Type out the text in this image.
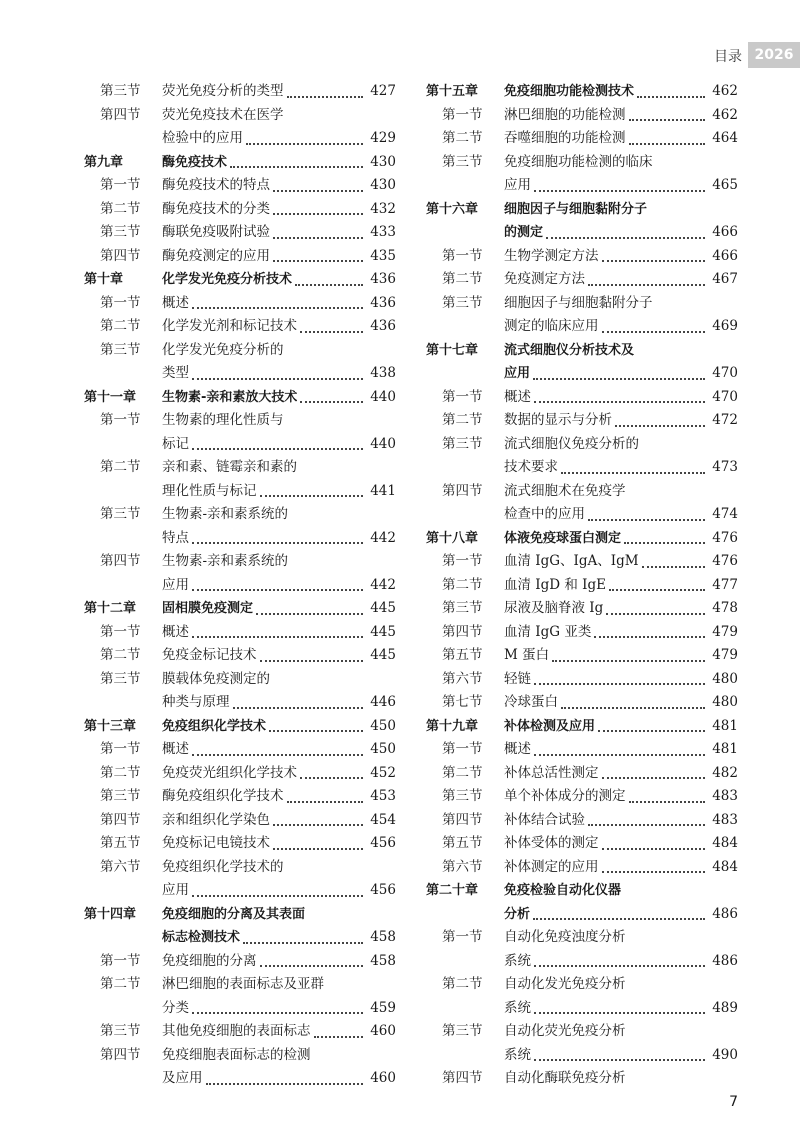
目录 2026
第三节	荧光免疫分析的类型	427
第四节	荧光免疫技术在医学
检验中的应用	429
第九章	酶免疫技术	430
第一节	酶免疫技术的特点	430
第二节	酶免疫技术的分类	432
第三节	酶联免疫吸附试验	433
第四节	酶免疫测定的应用	435
第十章	化学发光免疫分析技术	436
第一节	概述	436
第二节	化学发光剂和标记技术	436
第三节	化学发光免疫分析的
类型	438
第十一章	生物素-亲和素放大技术	440
第一节	生物素的理化性质与
标记	440
第二节	亲和素、链霉亲和素的
理化性质与标记	441
第三节	生物素-亲和素系统的
特点	442
第四节	生物素-亲和素系统的
应用	442
第十二章	固相膜免疫测定	445
第一节	概述	445
第二节	免疫金标记技术	445
第三节	膜载体免疫测定的
种类与原理	446
第十三章	免疫组织化学技术	450
第一节	概述	450
第二节	免疫荧光组织化学技术	452
第三节	酶免疫组织化学技术	453
第四节	亲和组织化学染色	454
第五节	免疫标记电镜技术	456
第六节	免疫组织化学技术的
应用	456
第十四章	免疫细胞的分离及其表面
标志检测技术	458
第一节	免疫细胞的分离	458
第二节	淋巴细胞的表面标志及亚群
分类	459
第三节	其他免疫细胞的表面标志	460
第四节	免疫细胞表面标志的检测
及应用	460
第十五章	免疫细胞功能检测技术	462
第一节	淋巴细胞的功能检测	462
第二节	吞噬细胞的功能检测	464
第三节	免疫细胞功能检测的临床
应用	465
第十六章	细胞因子与细胞黏附分子
的测定	466
第一节	生物学测定方法	466
第二节	免疫测定方法	467
第三节	细胞因子与细胞黏附分子
测定的临床应用	469
第十七章	流式细胞仪分析技术及
应用	470
第一节	概述	470
第二节	数据的显示与分析	472
第三节	流式细胞仪免疫分析的
技术要求	473
第四节	流式细胞术在免疫学
检查中的应用	474
第十八章	体液免疫球蛋白测定	476
第一节	血清 IgG、IgA、IgM	476
第二节	血清 IgD 和 IgE	477
第三节	尿液及脑脊液 Ig	478
第四节	血清 IgG 亚类	479
第五节	M 蛋白	479
第六节	轻链	480
第七节	冷球蛋白	480
第十九章	补体检测及应用	481
第一节	概述	481
第二节	补体总活性测定	482
第三节	单个补体成分的测定	483
第四节	补体结合试验	483
第五节	补体受体的测定	484
第六节	补体测定的应用	484
第二十章	免疫检验自动化仪器
分析	486
第一节	自动化免疫浊度分析
系统	486
第二节	自动化发光免疫分析
系统	489
第三节	自动化荧光免疫分析
系统	490
第四节	自动化酶联免疫分析
7
